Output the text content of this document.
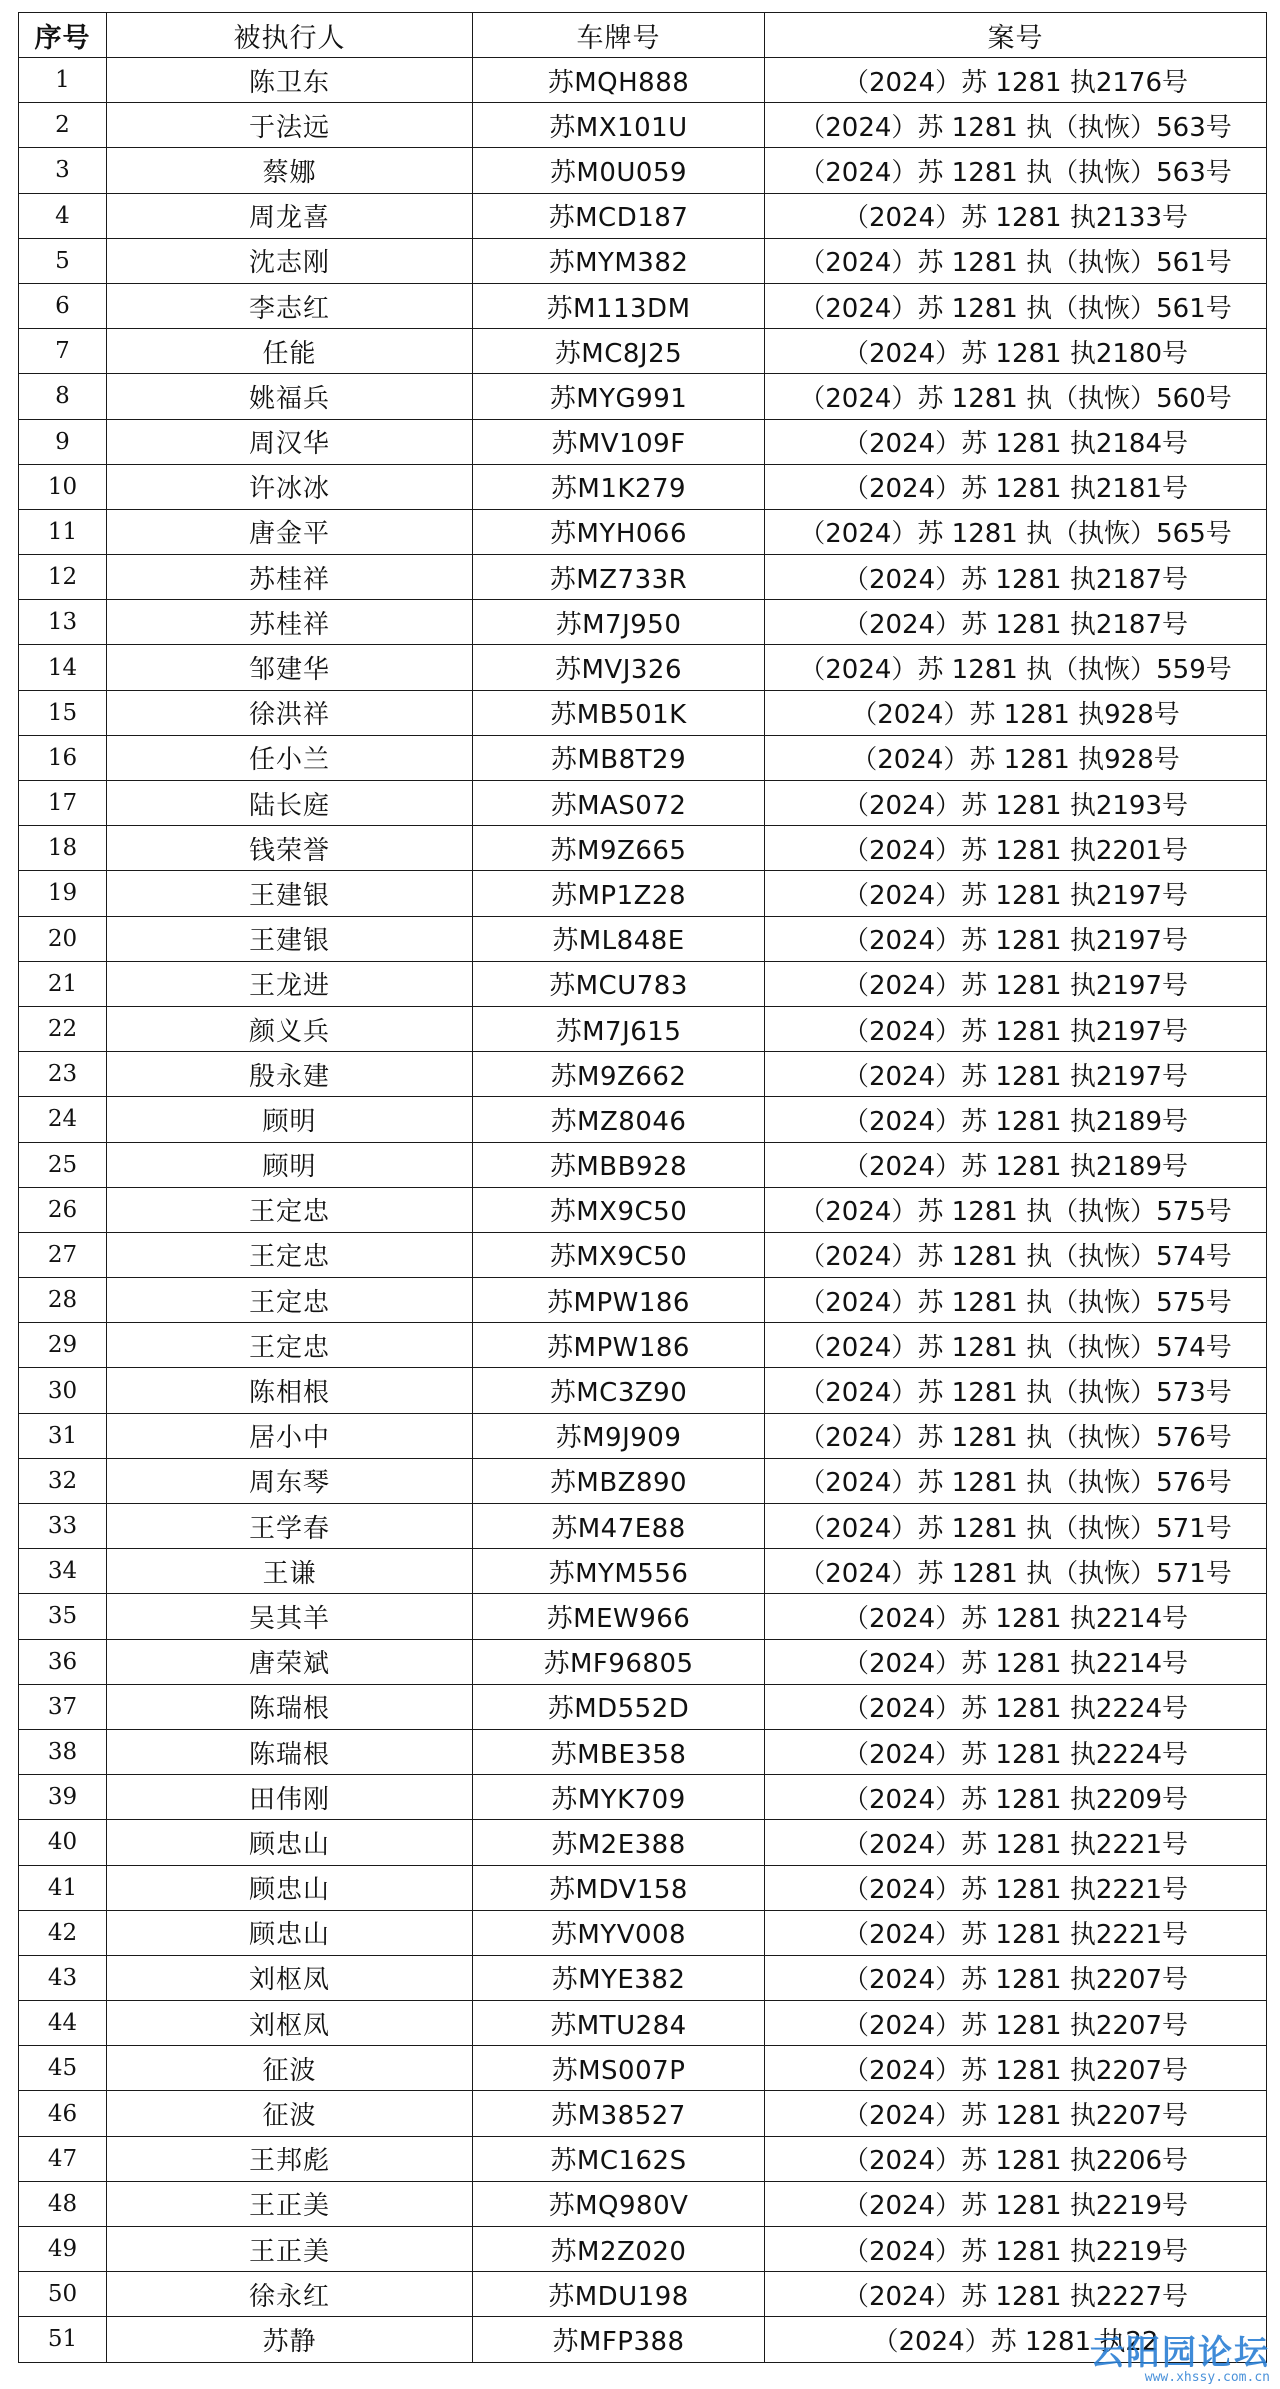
序号	被执行人	车牌号	案号
1	陈卫东	苏MQH888	（2024）苏 1281 执2176号
2	于法远	苏MX101U	（2024）苏 1281 执（执恢）563号
3	蔡娜	苏M0U059	（2024）苏 1281 执（执恢）563号
4	周龙喜	苏MCD187	（2024）苏 1281 执2133号
5	沈志刚	苏MYM382	（2024）苏 1281 执（执恢）561号
6	李志红	苏M113DM	（2024）苏 1281 执（执恢）561号
7	任能	苏MC8J25	（2024）苏 1281 执2180号
8	姚福兵	苏MYG991	（2024）苏 1281 执（执恢）560号
9	周汉华	苏MV109F	（2024）苏 1281 执2184号
10	许冰冰	苏M1K279	（2024）苏 1281 执2181号
11	唐金平	苏MYH066	（2024）苏 1281 执（执恢）565号
12	苏桂祥	苏MZ733R	（2024）苏 1281 执2187号
13	苏桂祥	苏M7J950	（2024）苏 1281 执2187号
14	邹建华	苏MVJ326	（2024）苏 1281 执（执恢）559号
15	徐洪祥	苏MB501K	（2024）苏 1281 执928号
16	任小兰	苏MB8T29	（2024）苏 1281 执928号
17	陆长庭	苏MAS072	（2024）苏 1281 执2193号
18	钱荣誉	苏M9Z665	（2024）苏 1281 执2201号
19	王建银	苏MP1Z28	（2024）苏 1281 执2197号
20	王建银	苏ML848E	（2024）苏 1281 执2197号
21	王龙进	苏MCU783	（2024）苏 1281 执2197号
22	颜义兵	苏M7J615	（2024）苏 1281 执2197号
23	殷永建	苏M9Z662	（2024）苏 1281 执2197号
24	顾明	苏MZ8046	（2024）苏 1281 执2189号
25	顾明	苏MBB928	（2024）苏 1281 执2189号
26	王定忠	苏MX9C50	（2024）苏 1281 执（执恢）575号
27	王定忠	苏MX9C50	（2024）苏 1281 执（执恢）574号
28	王定忠	苏MPW186	（2024）苏 1281 执（执恢）575号
29	王定忠	苏MPW186	（2024）苏 1281 执（执恢）574号
30	陈相根	苏MC3Z90	（2024）苏 1281 执（执恢）573号
31	居小中	苏M9J909	（2024）苏 1281 执（执恢）576号
32	周东琴	苏MBZ890	（2024）苏 1281 执（执恢）576号
33	王学春	苏M47E88	（2024）苏 1281 执（执恢）571号
34	王谦	苏MYM556	（2024）苏 1281 执（执恢）571号
35	吴其羊	苏MEW966	（2024）苏 1281 执2214号
36	唐荣斌	苏MF96805	（2024）苏 1281 执2214号
37	陈瑞根	苏MD552D	（2024）苏 1281 执2224号
38	陈瑞根	苏MBE358	（2024）苏 1281 执2224号
39	田伟刚	苏MYK709	（2024）苏 1281 执2209号
40	顾忠山	苏M2E388	（2024）苏 1281 执2221号
41	顾忠山	苏MDV158	（2024）苏 1281 执2221号
42	顾忠山	苏MYV008	（2024）苏 1281 执2221号
43	刘枢凤	苏MYE382	（2024）苏 1281 执2207号
44	刘枢凤	苏MTU284	（2024）苏 1281 执2207号
45	征波	苏MS007P	（2024）苏 1281 执2207号
46	征波	苏M38527	（2024）苏 1281 执2207号
47	王邦彪	苏MC162S	（2024）苏 1281 执2206号
48	王正美	苏MQ980V	（2024）苏 1281 执2219号
49	王正美	苏M2Z020	（2024）苏 1281 执2219号
50	徐永红	苏MDU198	（2024）苏 1281 执2227号
51	苏静	苏MFP388	（2024）苏 1281 执22
云阳园论坛
www.xhssy.com.cn
